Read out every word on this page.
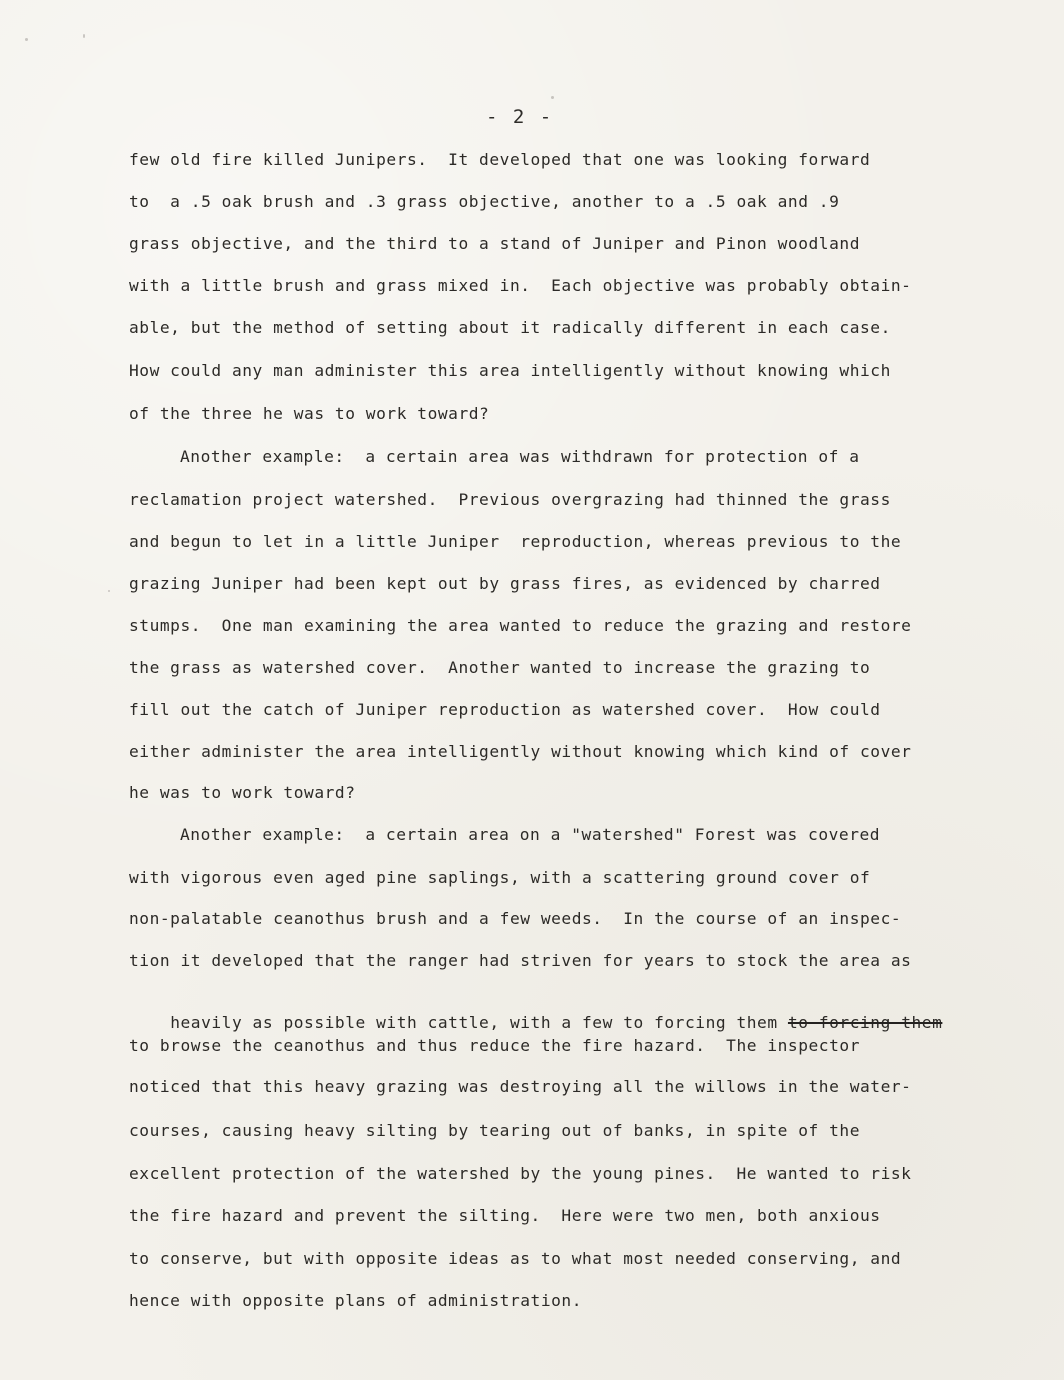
- 2 -
few old fire killed Junipers.  It developed that one was looking forward
to  a .5 oak brush and .3 grass objective, another to a .5 oak and .9
grass objective, and the third to a stand of Juniper and Pinon woodland
with a little brush and grass mixed in.  Each objective was probably obtain-
able, but the method of setting about it radically different in each case.
How could any man administer this area intelligently without knowing which
of the three he was to work toward?
Another example:  a certain area was withdrawn for protection of a
reclamation project watershed.  Previous overgrazing had thinned the grass
and begun to let in a little Juniper  reproduction, whereas previous to the
grazing Juniper had been kept out by grass fires, as evidenced by charred
stumps.  One man examining the area wanted to reduce the grazing and restore
the grass as watershed cover.  Another wanted to increase the grazing to
fill out the catch of Juniper reproduction as watershed cover.  How could
either administer the area intelligently without knowing which kind of cover
he was to work toward?
Another example:  a certain area on a "watershed" Forest was covered
with vigorous even aged pine saplings, with a scattering ground cover of
non-palatable ceanothus brush and a few weeds.  In the course of an inspec-
tion it developed that the ranger had striven for years to stock the area as

heavily as possible with cattle, with a few to forcing them to forcing them

to browse the ceanothus and thus reduce the fire hazard.  The inspector
noticed that this heavy grazing was destroying all the willows in the water-
courses, causing heavy silting by tearing out of banks, in spite of the
excellent protection of the watershed by the young pines.  He wanted to risk
the fire hazard and prevent the silting.  Here were two men, both anxious
to conserve, but with opposite ideas as to what most needed conserving, and
hence with opposite plans of administration.
